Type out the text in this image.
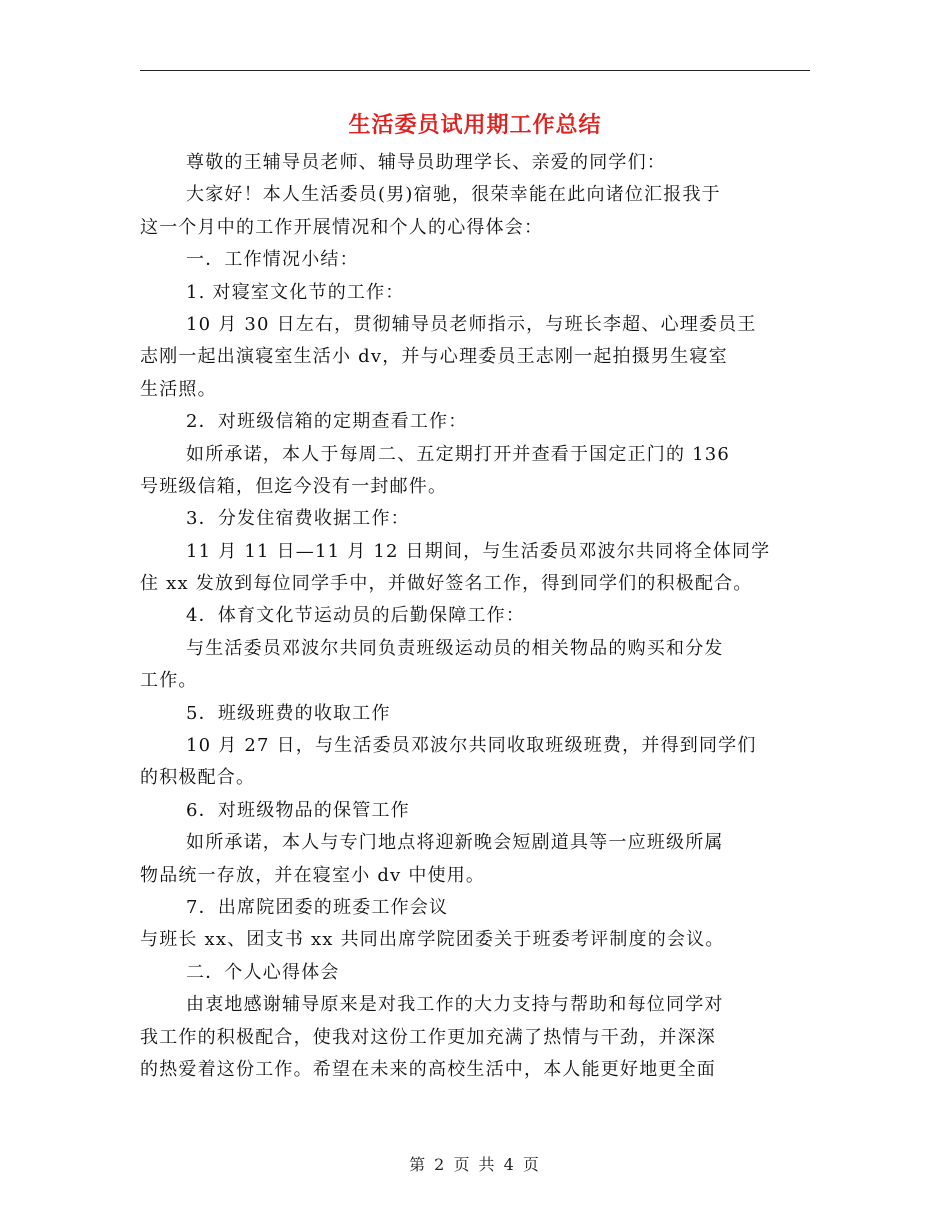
生活委员试用期工作总结
尊敬的王辅导员老师、辅导员助理学长、亲爱的同学们：
大家好！本人生活委员(男)宿驰，很荣幸能在此向诸位汇报我于
这一个月中的工作开展情况和个人的心得体会：
一．工作情况小结：
1. 对寝室文化节的工作：
10 月 30 日左右，贯彻辅导员老师指示，与班长李超、心理委员王
志刚一起出演寝室生活小 dv，并与心理委员王志刚一起拍摄男生寝室
生活照。
2．对班级信箱的定期查看工作：
如所承诺，本人于每周二、五定期打开并查看于国定正门的 136
号班级信箱，但迄今没有一封邮件。
3．分发住宿费收据工作：
11 月 11 日—11 月 12 日期间，与生活委员邓波尔共同将全体同学
住 xx 发放到每位同学手中，并做好签名工作，得到同学们的积极配合。
4．体育文化节运动员的后勤保障工作：
与生活委员邓波尔共同负责班级运动员的相关物品的购买和分发
工作。
5．班级班费的收取工作
10 月 27 日，与生活委员邓波尔共同收取班级班费，并得到同学们
的积极配合。
6．对班级物品的保管工作
如所承诺，本人与专门地点将迎新晚会短剧道具等一应班级所属
物品统一存放，并在寝室小 dv 中使用。
7．出席院团委的班委工作会议
与班长 xx、团支书 xx 共同出席学院团委关于班委考评制度的会议。
二．个人心得体会
由衷地感谢辅导原来是对我工作的大力支持与帮助和每位同学对
我工作的积极配合，使我对这份工作更加充满了热情与干劲，并深深
的热爱着这份工作。希望在未来的高校生活中，本人能更好地更全面
第 2 页 共 4 页
